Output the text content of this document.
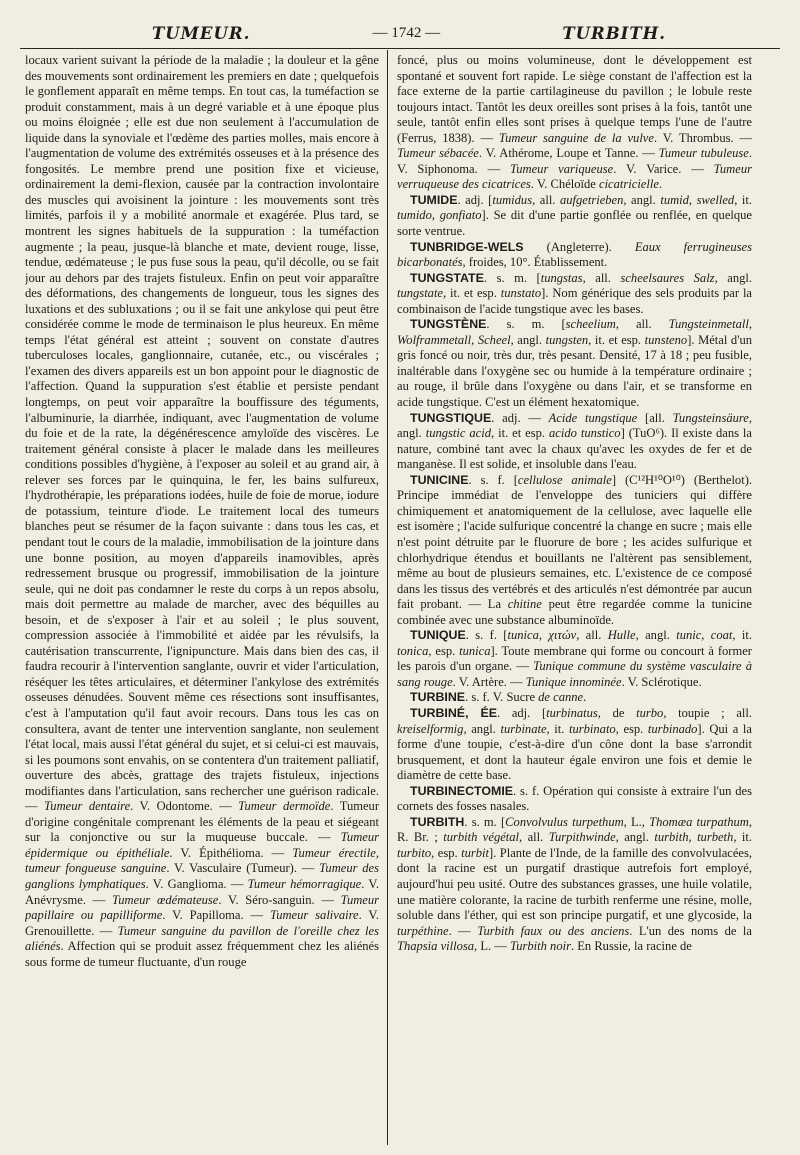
TUMEUR.	— 1742 —	TURBITH.

locaux varient suivant la période de la maladie ; la douleur et la gêne des mouvements sont ordinairement les premiers en date ; quelquefois le gonflement apparaît en même temps. En tout cas, la tuméfaction se produit constamment, mais à un degré variable et à une époque plus ou moins éloignée ; elle est due non seulement à l'accumulation de liquide dans la synoviale et l'œdème des parties molles, mais encore à l'augmentation de volume des extrémités osseuses et à la présence des fongosités. Le membre prend une position fixe et vicieuse, ordinairement la demi-flexion, causée par la contraction involontaire des muscles qui avoisinent la jointure : les mouvements sont très limités, parfois il y a mobilité anormale et exagérée. Plus tard, se montrent les signes habituels de la suppuration : la tuméfaction augmente ; la peau, jusque-là blanche et mate, devient rouge, lisse, tendue, œdémateuse ; le pus fuse sous la peau, qu'il décolle, ou se fait jour au dehors par des trajets fistuleux. Enfin on peut voir apparaître des déformations, des changements de longueur, tous les signes des luxations et des subluxations ; ou il se fait une ankylose qui peut être considérée comme le mode de terminaison le plus heureux. En même temps l'état général est atteint ; souvent on constate d'autres tuberculoses locales, ganglionnaire, cutanée, etc., ou viscérales ; l'examen des divers appareils est un bon appoint pour le diagnostic de l'affection. Quand la suppuration s'est établie et persiste pendant longtemps, on peut voir apparaître la bouffissure des téguments, l'albuminurie, la diarrhée, indiquant, avec l'augmentation de volume du foie et de la rate, la dégénérescence amyloïde des viscères. Le traitement général consiste à placer le malade dans les meilleures conditions possibles d'hygiène, à l'exposer au soleil et au grand air, à relever ses forces par le quinquina, le fer, les bains sulfureux, l'hydrothérapie, les préparations iodées, huile de foie de morue, iodure de potassium, teinture d'iode. Le traitement local des tumeurs blanches peut se résumer de la façon suivante : dans tous les cas, et pendant tout le cours de la maladie, immobilisation de la jointure dans une bonne position, au moyen d'appareils inamovibles, après redressement brusque ou progressif, immobilisation de la jointure seule, qui ne doit pas condamner le reste du corps à un repos absolu, mais doit permettre au malade de marcher, avec des béquilles au besoin, et de s'exposer à l'air et au soleil ; le plus souvent, compression associée à l'immobilité et aidée par les révulsifs, la cautérisation transcurrente, l'ignipuncture. Mais dans bien des cas, il faudra recourir à l'intervention sanglante, ouvrir et vider l'articulation, réséquer les têtes articulaires, et déterminer l'ankylose des extrémités osseuses dénudées. Souvent même ces résections sont insuffisantes, c'est à l'amputation qu'il faut avoir recours. Dans tous les cas on consultera, avant de tenter une intervention sanglante, non seulement l'état local, mais aussi l'état général du sujet, et si celui-ci est mauvais, si les poumons sont envahis, on se contentera d'un traitement palliatif, ouverture des abcès, grattage des trajets fistuleux, injections modifiantes dans l'articulation, sans rechercher une guérison radicale. — Tumeur dentaire. V. Odontome. — Tumeur dermoïde. Tumeur d'origine congénitale comprenant les éléments de la peau et siégeant sur la conjonctive ou sur la muqueuse buccale. — Tumeur épidermique ou épithéliale. V. Épithélioma. — Tumeur érectile, tumeur fongueuse sanguine. V. Vasculaire (Tumeur). — Tumeur des ganglions lymphatiques. V. Ganglioma. — Tumeur hémorragique. V. Anévrysme. — Tumeur œdémateuse. V. Séro-sanguin. — Tumeur papillaire ou papilliforme. V. Papilloma. — Tumeur salivaire. V. Grenouillette. — Tumeur sanguine du pavillon de l'oreille chez les aliénés. Affection qui se produit assez fréquemment chez les aliénés sous forme de tumeur fluctuante, d'un rouge

foncé, plus ou moins volumineuse, dont le développement est spontané et souvent fort rapide. Le siège constant de l'affection est la face externe de la partie cartilagineuse du pavillon ; le lobule reste toujours intact. Tantôt les deux oreilles sont prises à la fois, tantôt une seule, tantôt enfin elles sont prises à quelque temps l'une de l'autre (Ferrus, 1838). — Tumeur sanguine de la vulve. V. Thrombus. — Tumeur sébacée. V. Athérome, Loupe et Tanne. — Tumeur tubuleuse. V. Siphonoma. — Tumeur variqueuse. V. Varice. — Tumeur verruqueuse des cicatrices. V. Chéloïde cicatricielle.

TUMIDE. adj. [tumidus, all. aufgetrieben, angl. tumid, swelled, it. tumido, gonfiato]. Se dit d'une partie gonflée ou renflée, en quelque sorte ventrue.

TUNBRIDGE-WELS (Angleterre). Eaux ferrugineuses bicarbonatés, froides, 10°. Établissement.

TUNGSTATE. s. m. [tungstas, all. scheelsaures Salz, angl. tungstate, it. et esp. tunstato]. Nom générique des sels produits par la combinaison de l'acide tungstique avec les bases.

TUNGSTÈNE. s. m. [scheelium, all. Tungsteinmetall, Wolframmetall, Scheel, angl. tungsten, it. et esp. tunsteno]. Métal d'un gris foncé ou noir, très dur, très pesant. Densité, 17 à 18 ; peu fusible, inaltérable dans l'oxygène sec ou humide à la température ordinaire ; au rouge, il brûle dans l'oxygène ou dans l'air, et se transforme en acide tungstique. C'est un élément hexatomique.

TUNGSTIQUE. adj. — Acide tungstique [all. Tungsteinsäure, angl. tungstic acid, it. et esp. acido tunstico] (TuO⁶). Il existe dans la nature, combiné tant avec la chaux qu'avec les oxydes de fer et de manganèse. Il est solide, et insoluble dans l'eau.

TUNICINE. s. f. [cellulose animale] (C¹²H¹⁰O¹⁰) (Berthelot). Principe immédiat de l'enveloppe des tuniciers qui diffère chimiquement et anatomiquement de la cellulose, avec laquelle elle est isomère ; l'acide sulfurique concentré la change en sucre ; mais elle n'est point détruite par le fluorure de bore ; les acides sulfurique et chlorhydrique étendus et bouillants ne l'altèrent pas sensiblement, même au bout de plusieurs semaines, etc. L'existence de ce composé dans les tissus des vertébrés et des articulés n'est démontrée par aucun fait probant. — La chitine peut être regardée comme la tunicine combinée avec une substance albuminoïde.

TUNIQUE. s. f. [tunica, χιτών, all. Hulle, angl. tunic, coat, it. tonica, esp. tunica]. Toute membrane qui forme ou concourt à former les parois d'un organe. — Tunique commune du système vasculaire à sang rouge. V. Artère. — Tunique innominée. V. Sclérotique.

TURBINE. s. f. V. Sucre de canne.

TURBINÉ, ÉE. adj. [turbinatus, de turbo, toupie ; all. kreiselformig, angl. turbinate, it. turbinato, esp. turbinado]. Qui a la forme d'une toupie, c'est-à-dire d'un cône dont la base s'arrondit brusquement, et dont la hauteur égale environ une fois et demie le diamètre de cette base.

TURBINECTOMIE. s. f. Opération qui consiste à extraire l'un des cornets des fosses nasales.

TURBITH. s. m. [Convolvulus turpethum, L., Thomæa turpathum, R. Br. ; turbith végétal, all. Turpithwinde, angl. turbith, turbeth, it. turbito, esp. turbit]. Plante de l'Inde, de la famille des convolvulacées, dont la racine est un purgatif drastique autrefois fort employé, aujourd'hui peu usité. Outre des substances grasses, une huile volatile, une matière colorante, la racine de turbith renferme une résine, molle, soluble dans l'éther, qui est son principe purgatif, et une glycoside, la turpéthine. — Turbith faux ou des anciens. L'un des noms de la Thapsia villosa, L. — Turbith noir. En Russie, la racine de
